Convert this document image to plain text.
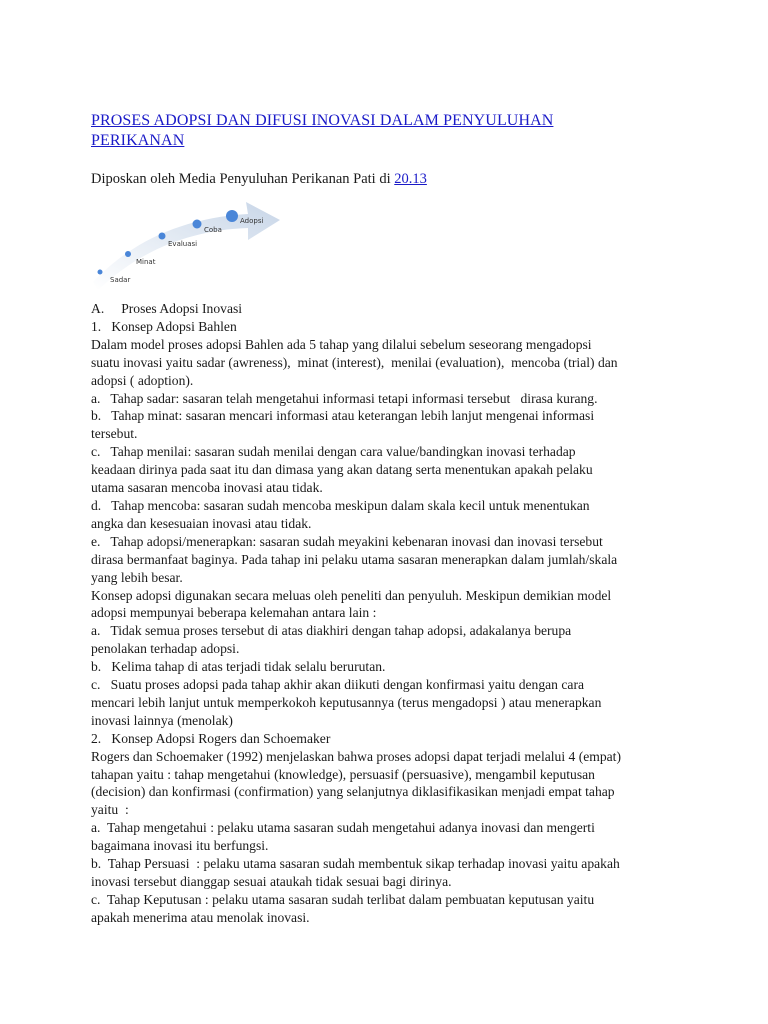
PROSES ADOPSI DAN DIFUSI INOVASI DALAM PENYULUHAN
PERIKANAN
Diposkan oleh Media Penyuluhan Perikanan Pati di 20.13
Sadar
Minat
Evaluasi
Coba
Adopsi

A.     Proses Adopsi Inovasi

1.   Konsep Adopsi Bahlen

Dalam model proses adopsi Bahlen ada 5 tahap yang dilalui sebelum seseorang mengadopsi

suatu inovasi yaitu sadar (awreness),  minat (interest),  menilai (evaluation),  mencoba (trial) dan

adopsi ( adoption).

a.   Tahap sadar: sasaran telah mengetahui informasi tetapi informasi tersebut   dirasa kurang.

b.   Tahap minat: sasaran mencari informasi atau keterangan lebih lanjut mengenai informasi

tersebut.

c.   Tahap menilai: sasaran sudah menilai dengan cara value/bandingkan inovasi terhadap

keadaan dirinya pada saat itu dan dimasa yang akan datang serta menentukan apakah pelaku

utama sasaran mencoba inovasi atau tidak.

d.   Tahap mencoba: sasaran sudah mencoba meskipun dalam skala kecil untuk menentukan

angka dan kesesuaian inovasi atau tidak.

e.   Tahap adopsi/menerapkan: sasaran sudah meyakini kebenaran inovasi dan inovasi tersebut

dirasa bermanfaat baginya. Pada tahap ini pelaku utama sasaran menerapkan dalam jumlah/skala

yang lebih besar.

Konsep adopsi digunakan secara meluas oleh peneliti dan penyuluh. Meskipun demikian model

adopsi mempunyai beberapa kelemahan antara lain :

a.   Tidak semua proses tersebut di atas diakhiri dengan tahap adopsi, adakalanya berupa

penolakan terhadap adopsi.

b.   Kelima tahap di atas terjadi tidak selalu berurutan.

c.   Suatu proses adopsi pada tahap akhir akan diikuti dengan konfirmasi yaitu dengan cara

mencari lebih lanjut untuk memperkokoh keputusannya (terus mengadopsi ) atau menerapkan

inovasi lainnya (menolak)

2.   Konsep Adopsi Rogers dan Schoemaker

Rogers dan Schoemaker (1992) menjelaskan bahwa proses adopsi dapat terjadi melalui 4 (empat)

tahapan yaitu : tahap mengetahui (knowledge), persuasif (persuasive), mengambil keputusan

(decision) dan konfirmasi (confirmation) yang selanjutnya diklasifikasikan menjadi empat tahap

yaitu  :

a.  Tahap mengetahui : pelaku utama sasaran sudah mengetahui adanya inovasi dan mengerti

bagaimana inovasi itu berfungsi.

b.  Tahap Persuasi  : pelaku utama sasaran sudah membentuk sikap terhadap inovasi yaitu apakah

inovasi tersebut dianggap sesuai ataukah tidak sesuai bagi dirinya.

c.  Tahap Keputusan : pelaku utama sasaran sudah terlibat dalam pembuatan keputusan yaitu

apakah menerima atau menolak inovasi.
